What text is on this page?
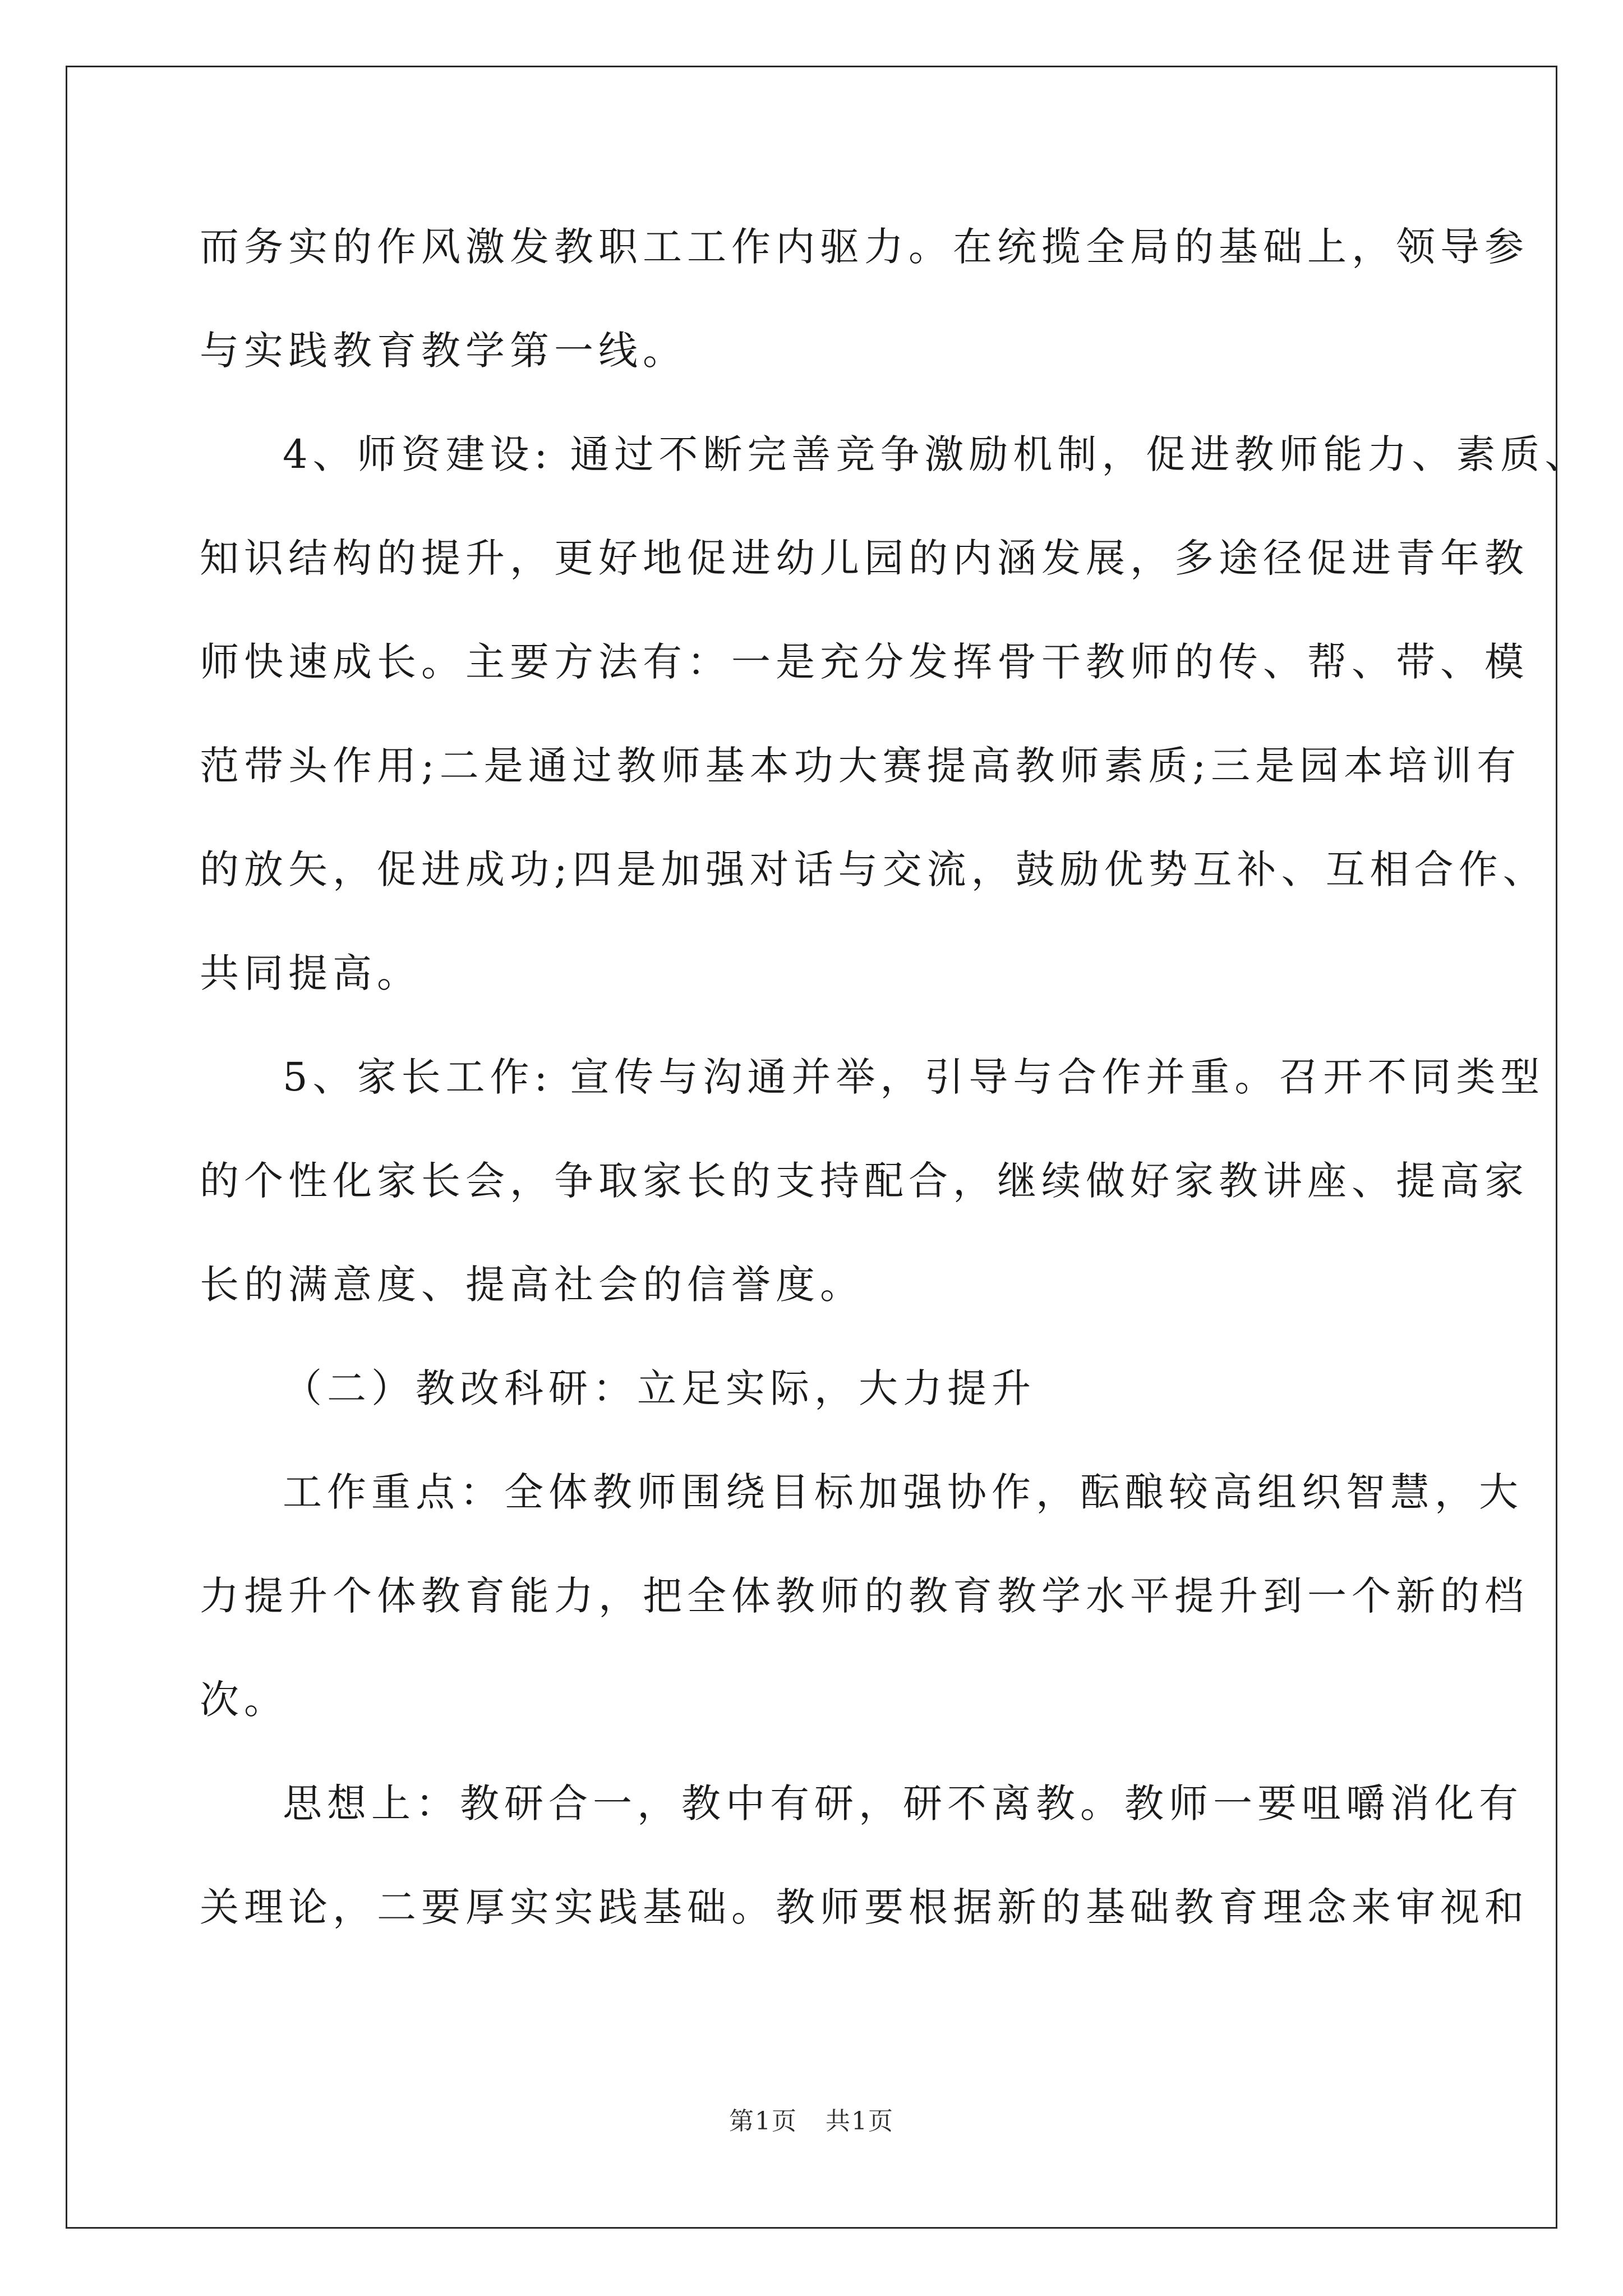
而务实的作风激发教职工工作内驱力。在统揽全局的基础上，领导参
与实践教育教学第一线。
4、师资建设: 通过不断完善竞争激励机制，促进教师能力、素质、
知识结构的提升，更好地促进幼儿园的内涵发展，多途径促进青年教
师快速成长。主要方法有：一是充分发挥骨干教师的传、帮、带、模
范带头作用;二是通过教师基本功大赛提高教师素质;三是园本培训有
的放矢，促进成功;四是加强对话与交流，鼓励优势互补、互相合作、
共同提高。
5、家长工作: 宣传与沟通并举，引导与合作并重。召开不同类型
的个性化家长会，争取家长的支持配合，继续做好家教讲座、提高家
长的满意度、提高社会的信誉度。
（二）教改科研：立足实际，大力提升
工作重点：全体教师围绕目标加强协作，酝酿较高组织智慧，大
力提升个体教育能力，把全体教师的教育教学水平提升到一个新的档
次。
思想上：教研合一，教中有研，研不离教。教师一要咀嚼消化有
关理论，二要厚实实践基础。教师要根据新的基础教育理念来审视和
第1页 共1页
